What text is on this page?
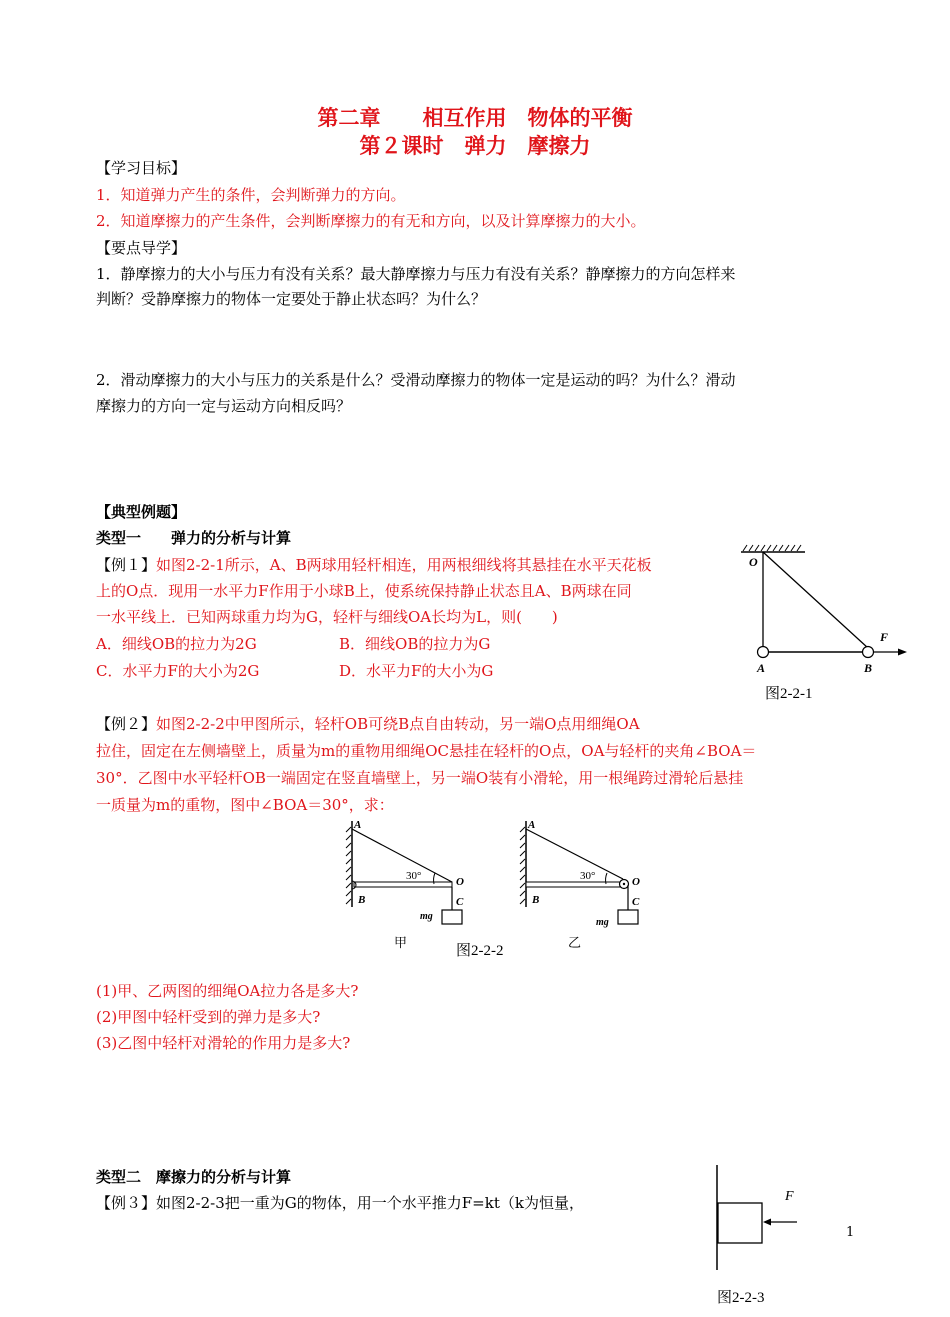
第二章　　相互作用　物体的平衡
第２课时　弹力　摩擦力
【学习目标】
1．知道弹力产生的条件，会判断弹力的方向。
2．知道摩擦力的产生条件，会判断摩擦力的有无和方向，以及计算摩擦力的大小。
【要点导学】
1．静摩擦力的大小与压力有没有关系？最大静摩擦力与压力有没有关系？静摩擦力的方向怎样来
判断？受静摩擦力的物体一定要处于静止状态吗？为什么？
2．滑动摩擦力的大小与压力的关系是什么？受滑动摩擦力的物体一定是运动的吗？为什么？滑动
摩擦力的方向一定与运动方向相反吗？
【典型例题】
类型一　　弹力的分析与计算
【例１】如图2-2-1所示，A、B两球用轻杆相连，用两根细线将其悬挂在水平天花板
上的O点．现用一水平力F作用于小球B上，使系统保持静止状态且A、B两球在同
一水平线上．已知两球重力均为G，轻杆与细线OA长均为L，则(　　)
A．细线OB的拉力为2G	B．细线OB的拉力为G
C．水平力F的大小为2G	D．水平力F的大小为G
O
A	B
F
图2-2-1
【例２】如图2-2-2中甲图所示，轻杆OB可绕B点自由转动，另一端O点用细绳OA
拉住，固定在左侧墙壁上，质量为m的重物用细绳OC悬挂在轻杆的O点，OA与轻杆的夹角∠BOA＝
30°．乙图中水平轻杆OB一端固定在竖直墙壁上，另一端O装有小滑轮，用一根绳跨过滑轮后悬挂
一质量为m的重物，图中∠BOA＝30°，求：
A
B
O
C
30°
mg
甲
A
B
O
C
30°
mg
乙
图2-2-2
(1)甲、乙两图的细绳OA拉力各是多大?
(2)甲图中轻杆受到的弹力是多大?
(3)乙图中轻杆对滑轮的作用力是多大?
类型二　摩擦力的分析与计算
【例３】如图2-2-3把一重为G的物体，用一个水平推力F=kt（k为恒量，	F
图2-2-3
1
